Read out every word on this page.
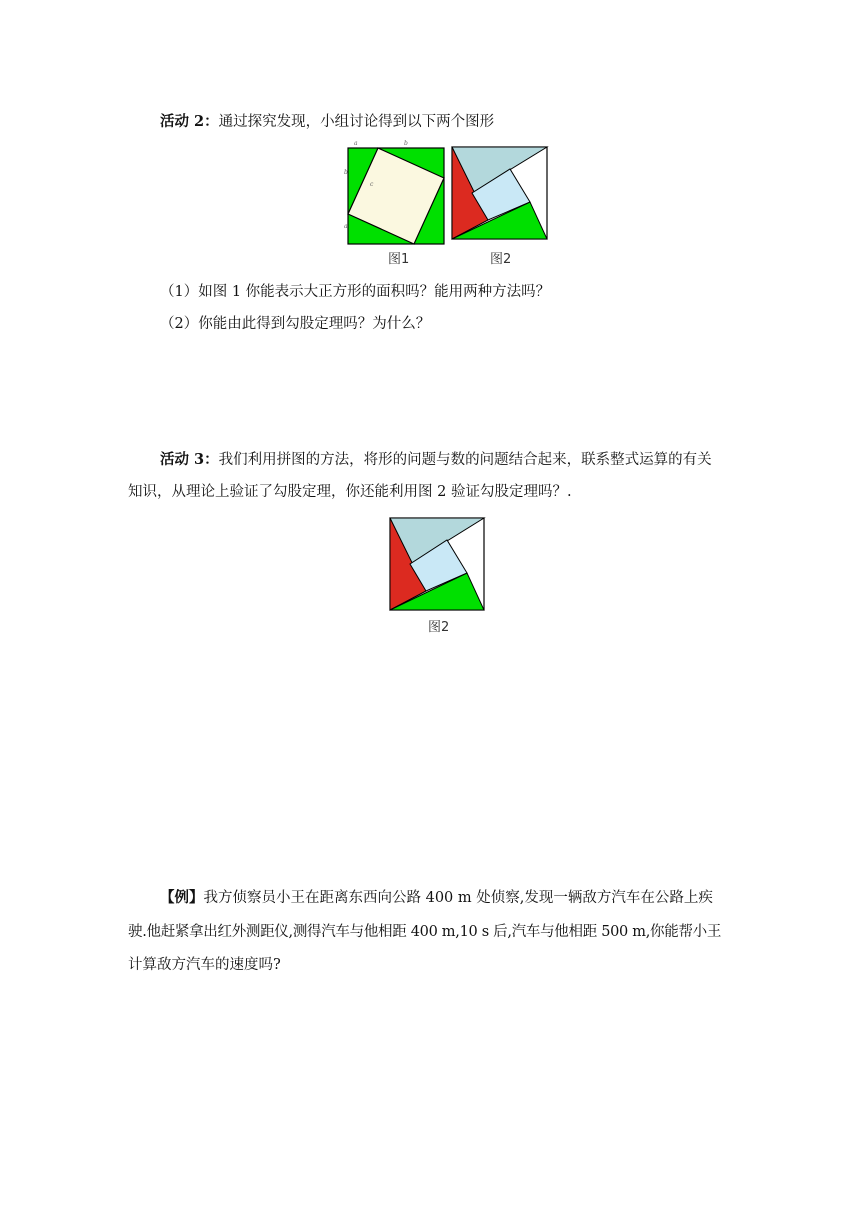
活动 2：通过探究发现，小组讨论得到以下两个图形
a	b
b
a
c
图1	图2
（1）如图 1 你能表示大正方形的面积吗？能用两种方法吗？
（2）你能由此得到勾股定理吗？为什么？
活动 3：我们利用拼图的方法，将形的问题与数的问题结合起来，联系整式运算的有关
知识，从理论上验证了勾股定理，你还能利用图 2 验证勾股定理吗？.
图2
【例】我方侦察员小王在距离东西向公路 400 m 处侦察,发现一辆敌方汽车在公路上疾
驶.他赶紧拿出红外测距仪,测得汽车与他相距 400 m,10 s 后,汽车与他相距 500 m,你能帮小王
计算敌方汽车的速度吗?
